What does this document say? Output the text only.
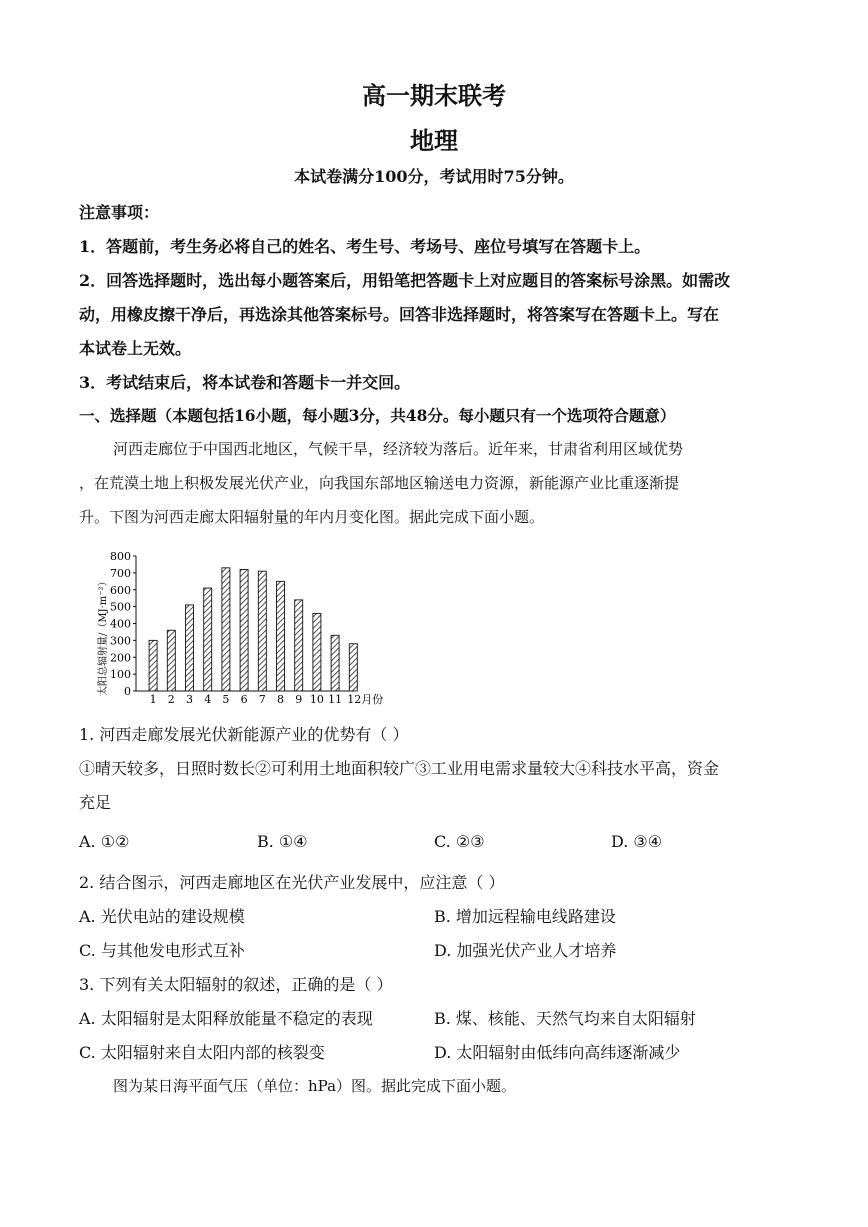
高一期末联考
地理
本试卷满分100分，考试用时75分钟。
注意事项：
1．答题前，考生务必将自己的姓名、考生号、考场号、座位号填写在答题卡上。
2．回答选择题时，选出每小题答案后，用铅笔把答题卡上对应题目的答案标号涂黑。如需改
动，用橡皮擦干净后，再选涂其他答案标号。回答非选择题时，将答案写在答题卡上。写在
本试卷上无效。
3．考试结束后，将本试卷和答题卡一并交回。
一、选择题（本题包括16小题，每小题3分，共48分。每小题只有一个选项符合题意）
河西走廊位于中国西北地区，气候干旱，经济较为落后。近年来，甘肃省利用区域优势
，在荒漠土地上积极发展光伏产业，向我国东部地区输送电力资源，新能源产业比重逐渐提
升。下图为河西走廊太阳辐射量的年内月变化图。据此完成下面小题。
太阳总辐射量/（MJ·m⁻²） 0
100
200
300
400
500
600
700
800
1 2 3 4 5 6 7 8 9 10 11 12月份
1. 河西走廊发展光伏新能源产业的优势有（ ）
①晴天较多，日照时数长②可利用土地面积较广③工业用电需求量较大④科技水平高，资金
充足
A. ①②	B. ①④	C. ②③	D. ③④
2. 结合图示，河西走廊地区在光伏产业发展中，应注意（ ）
A. 光伏电站的建设规模	B. 增加远程输电线路建设
C. 与其他发电形式互补	D. 加强光伏产业人才培养
3. 下列有关太阳辐射的叙述，正确的是（ ）
A. 太阳辐射是太阳释放能量不稳定的表现	B. 煤、核能、天然气均来自太阳辐射
C. 太阳辐射来自太阳内部的核裂变	D. 太阳辐射由低纬向高纬逐渐减少
图为某日海平面气压（单位：hPa）图。据此完成下面小题。
